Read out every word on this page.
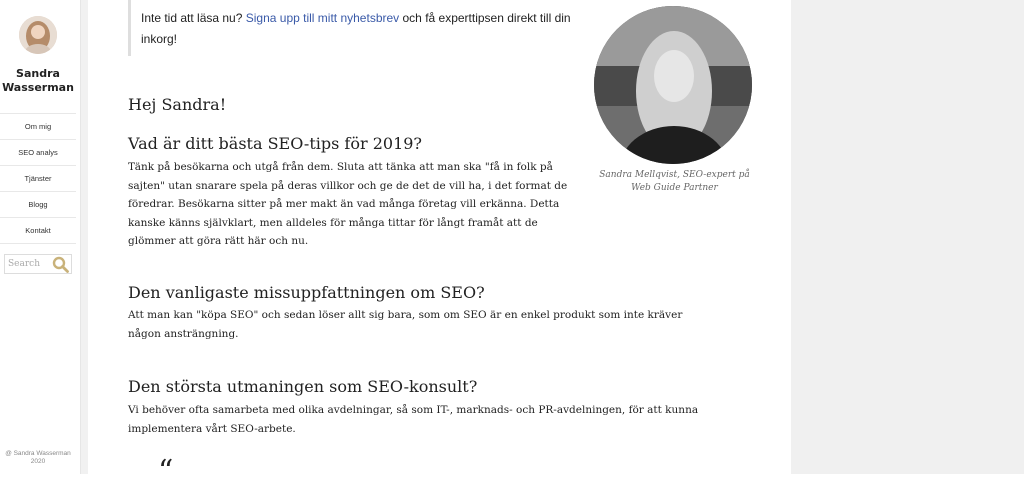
Sandra Wasserman
Om mig
SEO analys
Tjänster
Blogg
Kontakt
Search
@ Sandra Wasserman
2020
Inte tid att läsa nu? Signa upp till mitt nyhetsbrev och få experttipsen direkt till din inkorg!
Hej Sandra!
Vad är ditt bästa SEO-tips för 2019?
Tänk på besökarna och utgå från dem. Sluta att tänka att man ska "få in folk på sajten" utan snarare spela på deras villkor och ge de det de vill ha, i det format de föredrar. Besökarna sitter på mer makt än vad många företag vill erkänna. Detta kanske känns självklart, men alldeles för många tittar för långt framåt att de glömmer att göra rätt här och nu.
Den vanligaste missuppfattningen om SEO?
Att man kan "köpa SEO" och sedan löser allt sig bara, som om SEO är en enkel produkt som inte kräver någon ansträngning.
Den största utmaningen som SEO-konsult?
Vi behöver ofta samarbeta med olika avdelningar, så som IT-, marknads- och PR-avdelningen, för att kunna implementera vårt SEO-arbete.
“
Sandra Mellqvist, SEO-expert på Web Guide Partner
